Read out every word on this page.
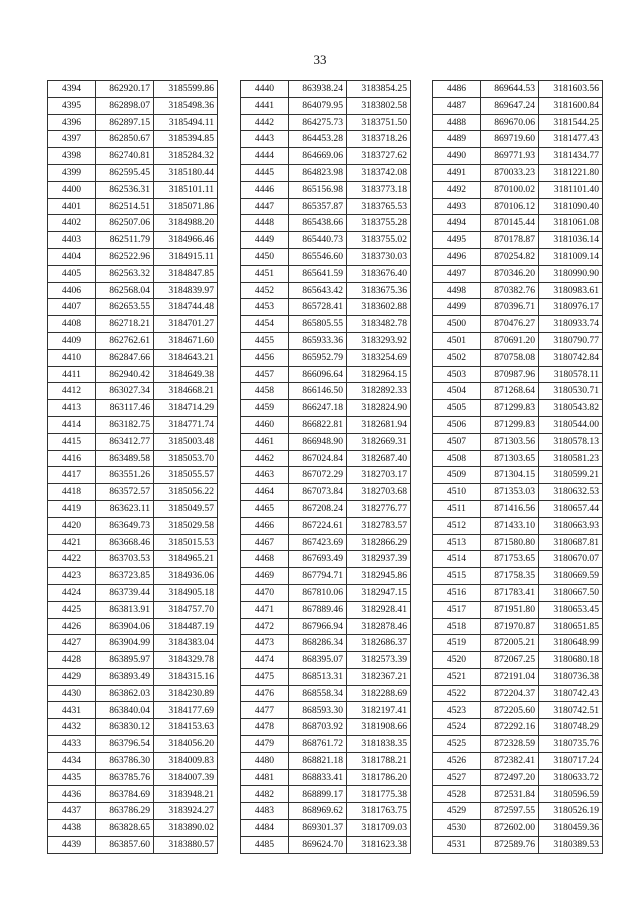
33
4394	862920.17	3185599.86
4395	862898.07	3185498.36
4396	862897.15	3185494.11
4397	862850.67	3185394.85
4398	862740.81	3185284.32
4399	862595.45	3185180.44
4400	862536.31	3185101.11
4401	862514.51	3185071.86
4402	862507.06	3184988.20
4403	862511.79	3184966.46
4404	862522.96	3184915.11
4405	862563.32	3184847.85
4406	862568.04	3184839.97
4407	862653.55	3184744.48
4408	862718.21	3184701.27
4409	862762.61	3184671.60
4410	862847.66	3184643.21
4411	862940.42	3184649.38
4412	863027.34	3184668.21
4413	863117.46	3184714.29
4414	863182.75	3184771.74
4415	863412.77	3185003.48
4416	863489.58	3185053.70
4417	863551.26	3185055.57
4418	863572.57	3185056.22
4419	863623.11	3185049.57
4420	863649.73	3185029.58
4421	863668.46	3185015.53
4422	863703.53	3184965.21
4423	863723.85	3184936.06
4424	863739.44	3184905.18
4425	863813.91	3184757.70
4426	863904.06	3184487.19
4427	863904.99	3184383.04
4428	863895.97	3184329.78
4429	863893.49	3184315.16
4430	863862.03	3184230.89
4431	863840.04	3184177.69
4432	863830.12	3184153.63
4433	863796.54	3184056.20
4434	863786.30	3184009.83
4435	863785.76	3184007.39
4436	863784.69	3183948.21
4437	863786.29	3183924.27
4438	863828.65	3183890.02
4439	863857.60	3183880.57
4440	863938.24	3183854.25
4441	864079.95	3183802.58
4442	864275.73	3183751.50
4443	864453.28	3183718.26
4444	864669.06	3183727.62
4445	864823.98	3183742.08
4446	865156.98	3183773.18
4447	865357.87	3183765.53
4448	865438.66	3183755.28
4449	865440.73	3183755.02
4450	865546.60	3183730.03
4451	865641.59	3183676.40
4452	865643.42	3183675.36
4453	865728.41	3183602.88
4454	865805.55	3183482.78
4455	865933.36	3183293.92
4456	865952.79	3183254.69
4457	866096.64	3182964.15
4458	866146.50	3182892.33
4459	866247.18	3182824.90
4460	866822.81	3182681.94
4461	866948.90	3182669.31
4462	867024.84	3182687.40
4463	867072.29	3182703.17
4464	867073.84	3182703.68
4465	867208.24	3182776.77
4466	867224.61	3182783.57
4467	867423.69	3182866.29
4468	867693.49	3182937.39
4469	867794.71	3182945.86
4470	867810.06	3182947.15
4471	867889.46	3182928.41
4472	867966.94	3182878.46
4473	868286.34	3182686.37
4474	868395.07	3182573.39
4475	868513.31	3182367.21
4476	868558.34	3182288.69
4477	868593.30	3182197.41
4478	868703.92	3181908.66
4479	868761.72	3181838.35
4480	868821.18	3181788.21
4481	868833.41	3181786.20
4482	868899.17	3181775.38
4483	868969.62	3181763.75
4484	869301.37	3181709.03
4485	869624.70	3181623.38
4486	869644.53	3181603.56
4487	869647.24	3181600.84
4488	869670.06	3181544.25
4489	869719.60	3181477.43
4490	869771.93	3181434.77
4491	870033.23	3181221.80
4492	870100.02	3181101.40
4493	870106.12	3181090.40
4494	870145.44	3181061.08
4495	870178.87	3181036.14
4496	870254.82	3181009.14
4497	870346.20	3180990.90
4498	870382.76	3180983.61
4499	870396.71	3180976.17
4500	870476.27	3180933.74
4501	870691.20	3180790.77
4502	870758.08	3180742.84
4503	870987.96	3180578.11
4504	871268.64	3180530.71
4505	871299.83	3180543.82
4506	871299.83	3180544.00
4507	871303.56	3180578.13
4508	871303.65	3180581.23
4509	871304.15	3180599.21
4510	871353.03	3180632.53
4511	871416.56	3180657.44
4512	871433.10	3180663.93
4513	871580.80	3180687.81
4514	871753.65	3180670.07
4515	871758.35	3180669.59
4516	871783.41	3180667.50
4517	871951.80	3180653.45
4518	871970.87	3180651.85
4519	872005.21	3180648.99
4520	872067.25	3180680.18
4521	872191.04	3180736.38
4522	872204.37	3180742.43
4523	872205.60	3180742.51
4524	872292.16	3180748.29
4525	872328.59	3180735.76
4526	872382.41	3180717.24
4527	872497.20	3180633.72
4528	872531.84	3180596.59
4529	872597.55	3180526.19
4530	872602.00	3180459.36
4531	872589.76	3180389.53
